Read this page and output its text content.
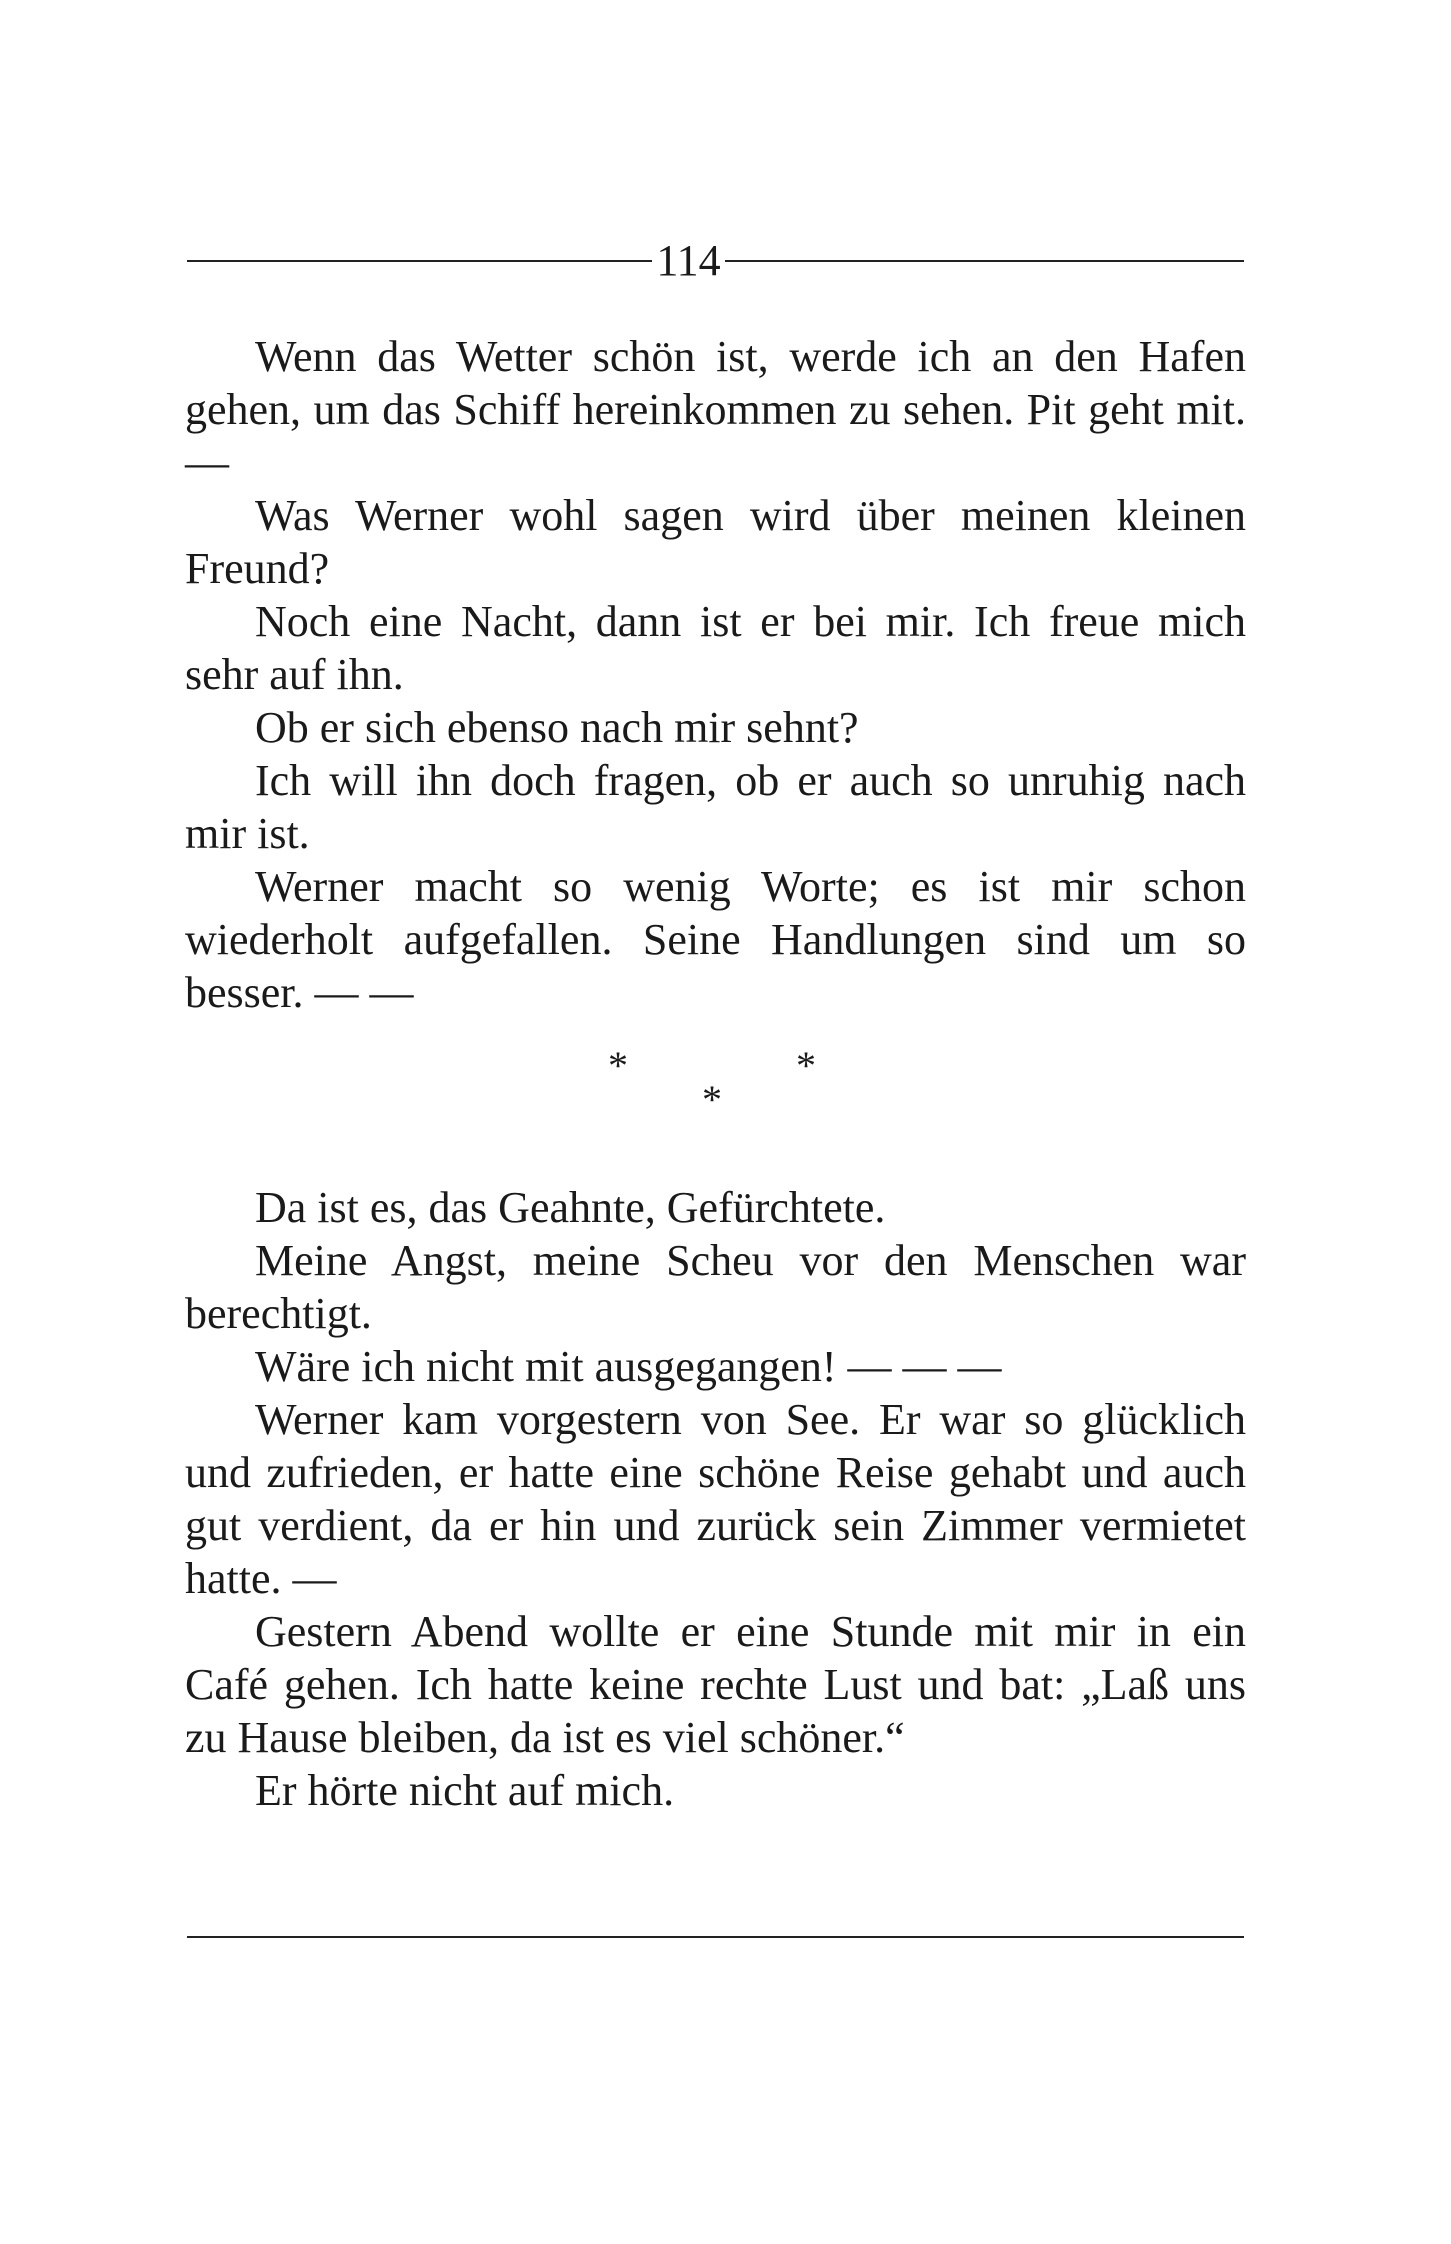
114

Wenn das Wetter schön ist, werde ich an den Hafen gehen, um das Schiff hereinkommen zu sehen. Pit geht mit. —

Was Werner wohl sagen wird über meinen kleinen Freund?

Noch eine Nacht, dann ist er bei mir. Ich freue mich sehr auf ihn.

Ob er sich ebenso nach mir sehnt?

Ich will ihn doch fragen, ob er auch so unruhig nach mir ist.

Werner macht so wenig Worte; es ist mir schon wiederholt aufgefallen. Seine Handlungen sind um so besser. — —

*	*
*

Da ist es, das Geahnte, Gefürchtete.

Meine Angst, meine Scheu vor den Menschen war berechtigt.

Wäre ich nicht mit ausgegangen! — — —

Werner kam vorgestern von See. Er war so glücklich und zufrieden, er hatte eine schöne Reise gehabt und auch gut verdient, da er hin und zurück sein Zimmer vermietet hatte. —

Gestern Abend wollte er eine Stunde mit mir in ein Café gehen. Ich hatte keine rechte Lust und bat: „Laß uns zu Hause bleiben, da ist es viel schöner.“

Er hörte nicht auf mich.
